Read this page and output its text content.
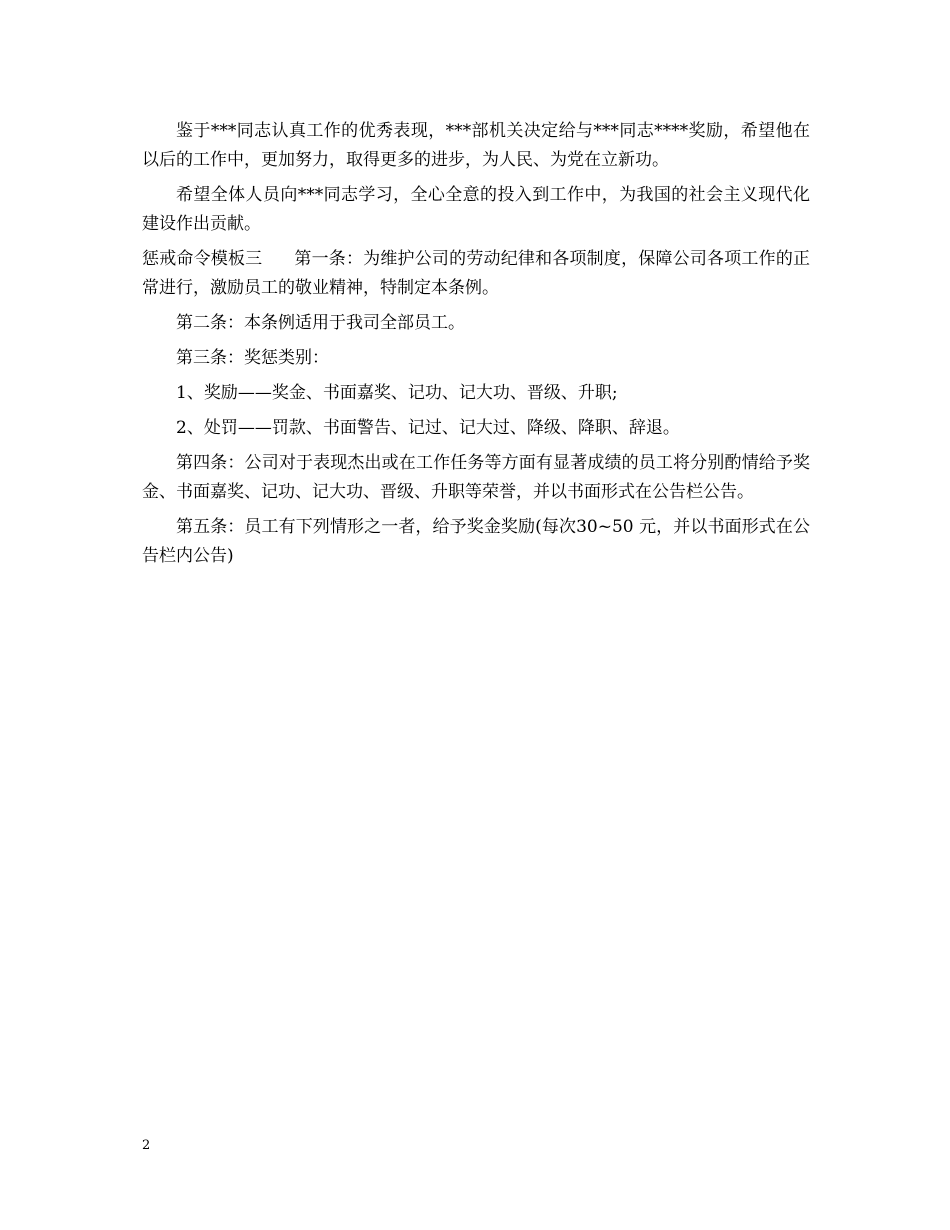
鉴于***同志认真工作的优秀表现，***部机关决定给与***同志****奖励，希望他在以后的工作中，更加努力，取得更多的进步，为人民、为党在立新功。

希望全体人员向***同志学习，全心全意的投入到工作中，为我国的社会主义现代化建设作出贡献。

惩戒命令模板三 第一条：为维护公司的劳动纪律和各项制度，保障公司各项工作的正常进行，激励员工的敬业精神，特制定本条例。

第二条：本条例适用于我司全部员工。

第三条：奖惩类别：

1、奖励——奖金、书面嘉奖、记功、记大功、晋级、升职;

2、处罚——罚款、书面警告、记过、记大过、降级、降职、辞退。

第四条：公司对于表现杰出或在工作任务等方面有显著成绩的员工将分别酌情给予奖金、书面嘉奖、记功、记大功、晋级、升职等荣誉，并以书面形式在公告栏公告。

第五条：员工有下列情形之一者，给予奖金奖励(每次30~50 元，并以书面形式在公告栏内公告)

2
